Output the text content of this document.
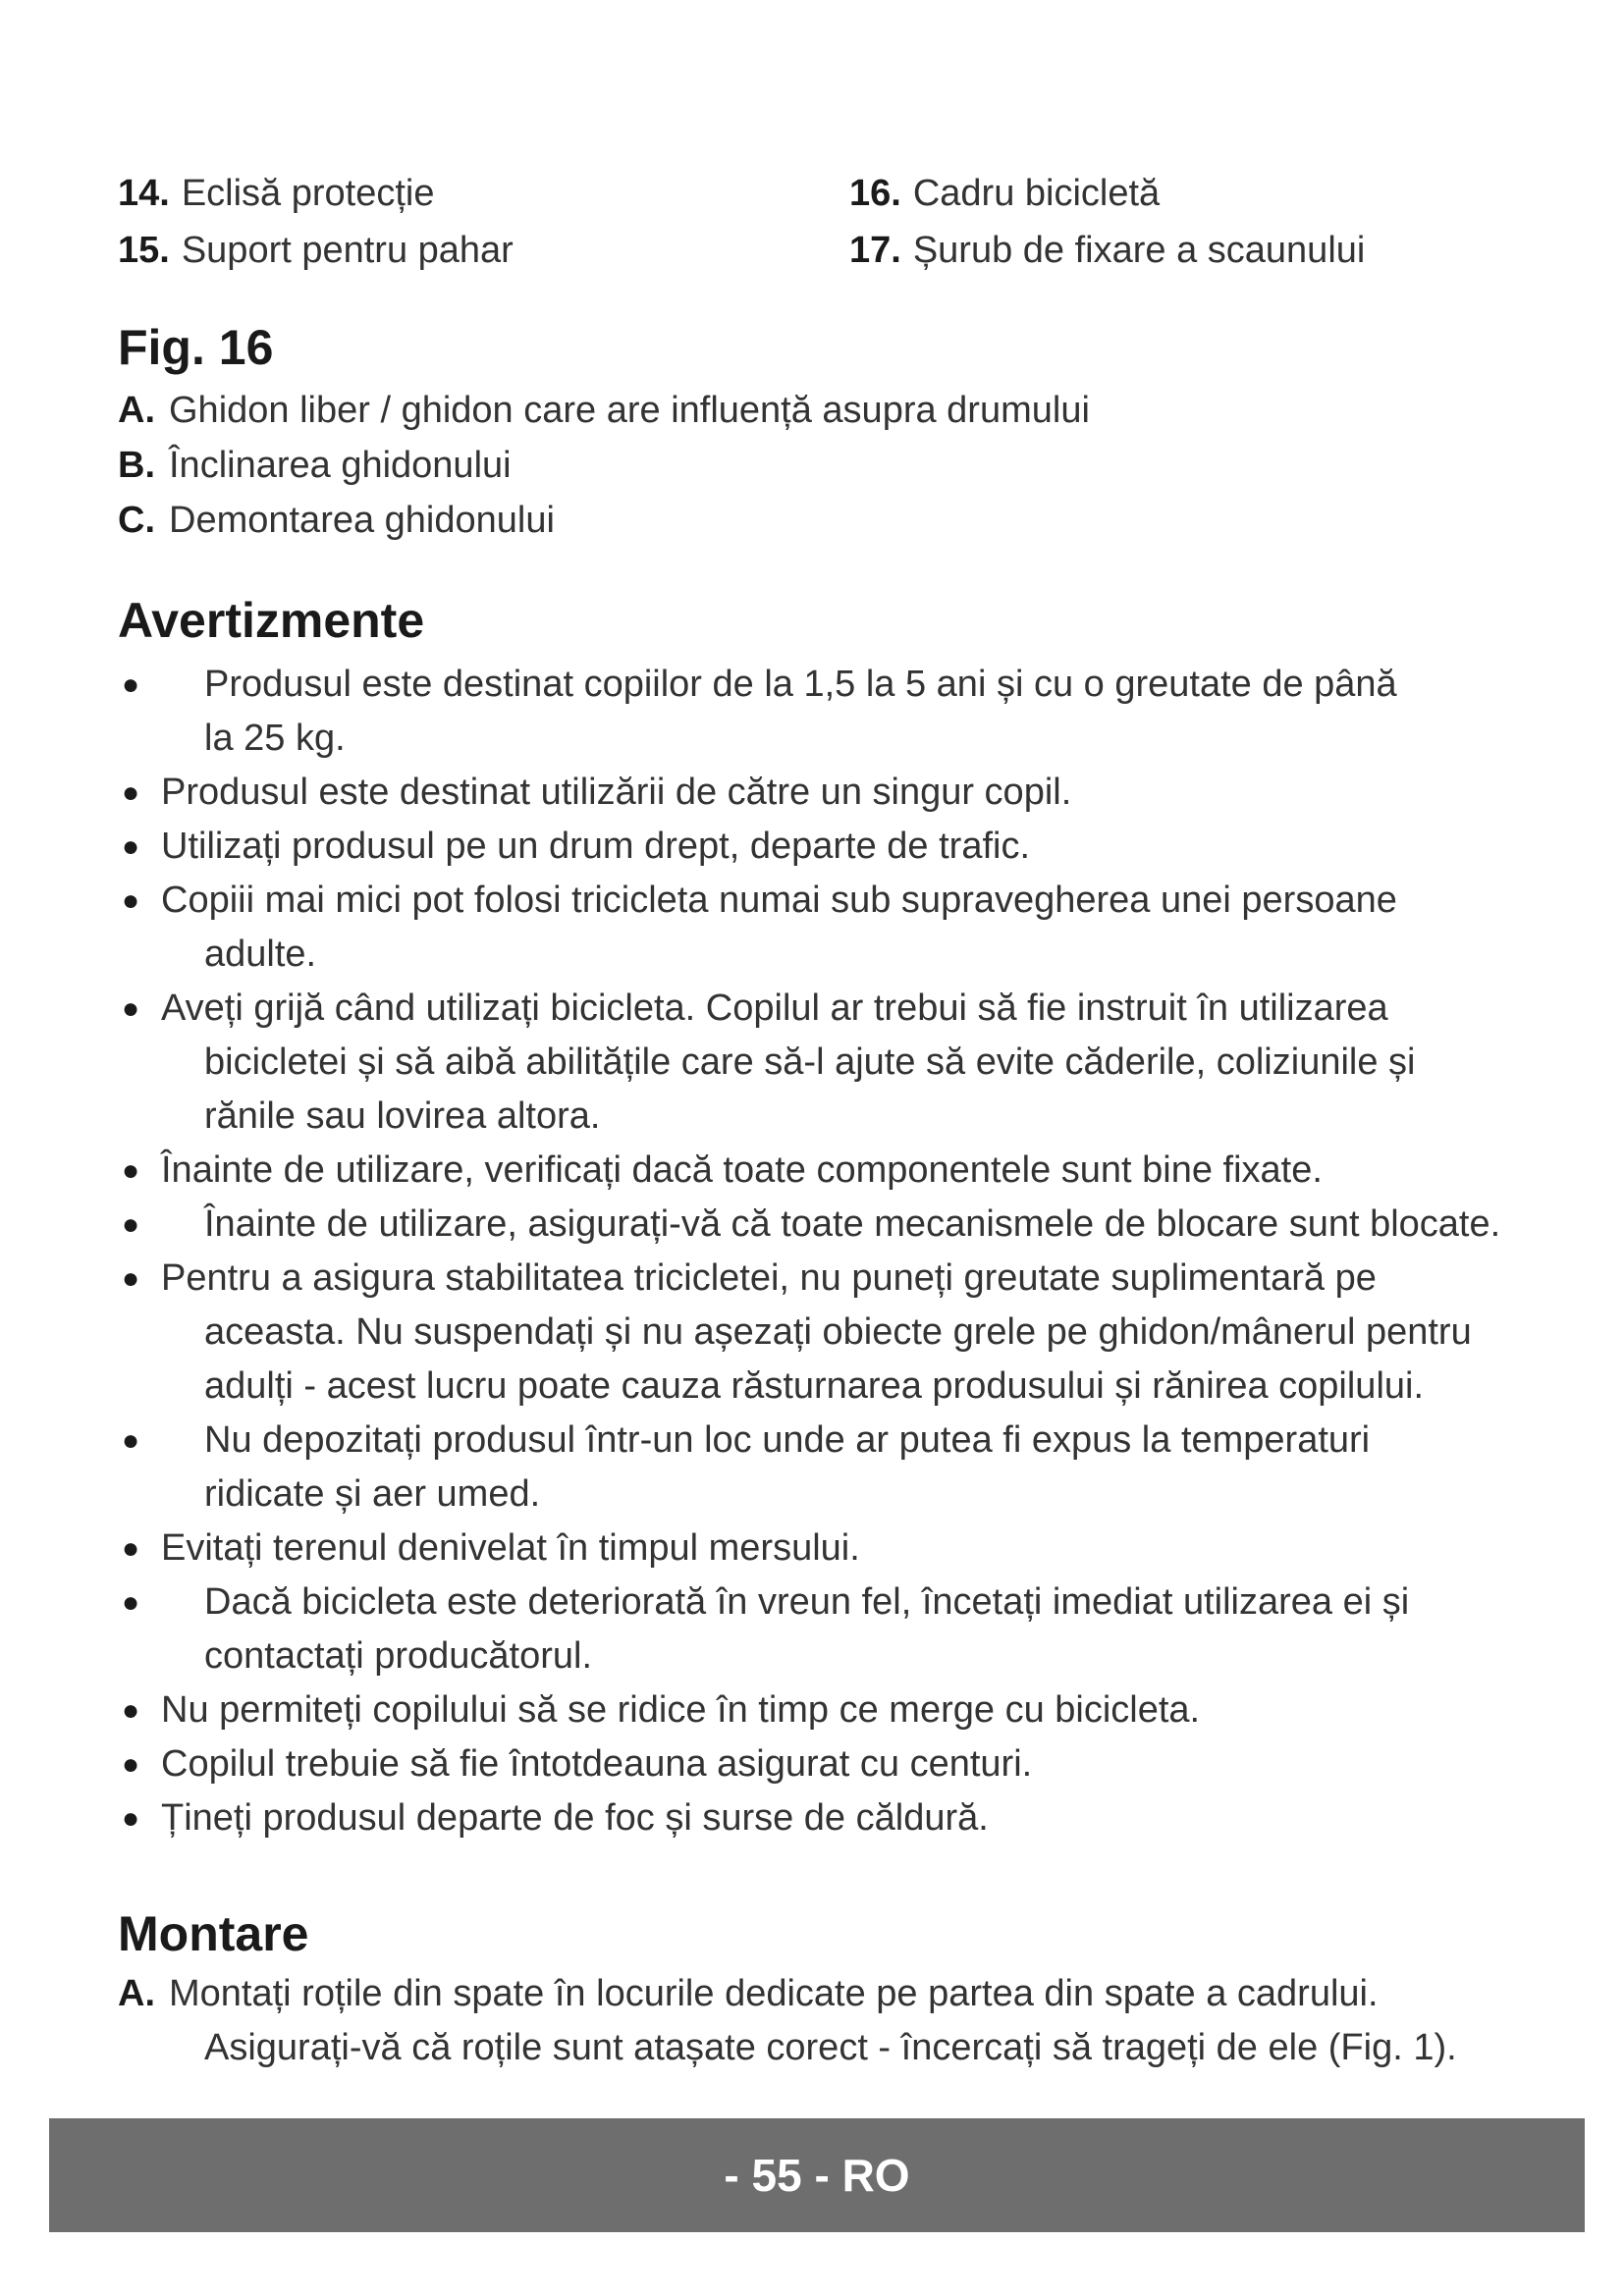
14. Eclisă protecție
15. Suport pentru pahar
16. Cadru bicicletă
17. Șurub de fixare a scaunului
Fig. 16
A. Ghidon liber / ghidon care are influență asupra drumului
B. Înclinarea ghidonului
C. Demontarea ghidonului
Avertizmente
● Produsul este destinat copiilor de la 1,5 la 5 ani și cu o greutate de până
la 25 kg.
● Produsul este destinat utilizării de către un singur copil.
● Utilizați produsul pe un drum drept, departe de trafic.
● Copiii mai mici pot folosi tricicleta numai sub supravegherea unei persoane
adulte.
● Aveți grijă când utilizați bicicleta. Copilul ar trebui să fie instruit în utilizarea
bicicletei și să aibă abilitățile care să-l ajute să evite căderile, coliziunile și
rănile sau lovirea altora.
● Înainte de utilizare, verificați dacă toate componentele sunt bine fixate.
● Înainte de utilizare, asigurați-vă că toate mecanismele de blocare sunt blocate.
● Pentru a asigura stabilitatea tricicletei, nu puneți greutate suplimentară pe
aceasta. Nu suspendați și nu așezați obiecte grele pe ghidon/mânerul pentru
adulți - acest lucru poate cauza răsturnarea produsului și rănirea copilului.
● Nu depozitați produsul într-un loc unde ar putea fi expus la temperaturi
ridicate și aer umed.
● Evitați terenul denivelat în timpul mersului.
● Dacă bicicleta este deteriorată în vreun fel, încetați imediat utilizarea ei și
contactați producătorul.
● Nu permiteți copilului să se ridice în timp ce merge cu bicicleta.
● Copilul trebuie să fie întotdeauna asigurat cu centuri.
● Țineți produsul departe de foc și surse de căldură.
Montare
A. Montați roțile din spate în locurile dedicate pe partea din spate a cadrului.
Asigurați-vă că roțile sunt atașate corect - încercați să trageți de ele (Fig. 1).
- 55 - RO
